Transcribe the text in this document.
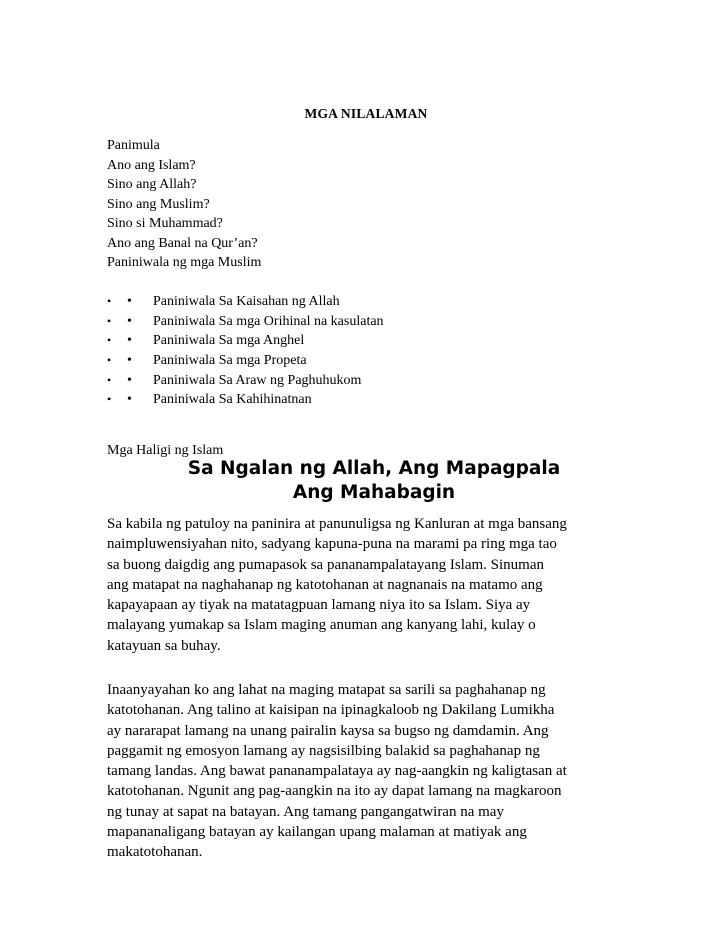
MGA NILALAMAN
Panimula
Ano ang Islam?
Sino ang Allah?
Sino ang Muslim?
Sino si Muhammad?
Ano ang Banal na Qur’an?
Paniniwala ng mga Muslim
• • Paniniwala Sa Kaisahan ng Allah
• • Paniniwala Sa mga Orihinal na kasulatan
• • Paniniwala Sa mga Anghel
• • Paniniwala Sa mga Propeta
• • Paniniwala Sa Araw ng Paghuhukom
• • Paniniwala Sa Kahihinatnan
Mga Haligi ng Islam
Sa Ngalan ng Allah, Ang Mapagpala
Ang Mahabagin

Sa kabila ng patuloy na paninira at panunuligsa ng Kanluran at mga bansang
naimpluwensiyahan nito, sadyang kapuna-puna na marami pa ring mga tao
sa buong daigdig ang pumapasok sa pananampalatayang Islam. Sinuman
ang matapat na naghahanap ng katotohanan at nagnanais na matamo ang
kapayapaan ay tiyak na matatagpuan lamang niya ito sa Islam. Siya ay
malayang yumakap sa Islam maging anuman ang kanyang lahi, kulay o
katayuan sa buhay.

Inaanyayahan ko ang lahat na maging matapat sa sarili sa paghahanap ng
katotohanan. Ang talino at kaisipan na ipinagkaloob ng Dakilang Lumikha
ay nararapat lamang na unang pairalin kaysa sa bugso ng damdamin. Ang
paggamit ng emosyon lamang ay nagsisilbing balakid sa paghahanap ng
tamang landas. Ang bawat pananampalataya ay nag-aangkin ng kaligtasan at
katotohanan. Ngunit ang pag-aangkin na ito ay dapat lamang na magkaroon
ng tunay at sapat na batayan. Ang tamang pangangatwiran na may
mapananaligang batayan ay kailangan upang malaman at matiyak ang
makatotohanan.
